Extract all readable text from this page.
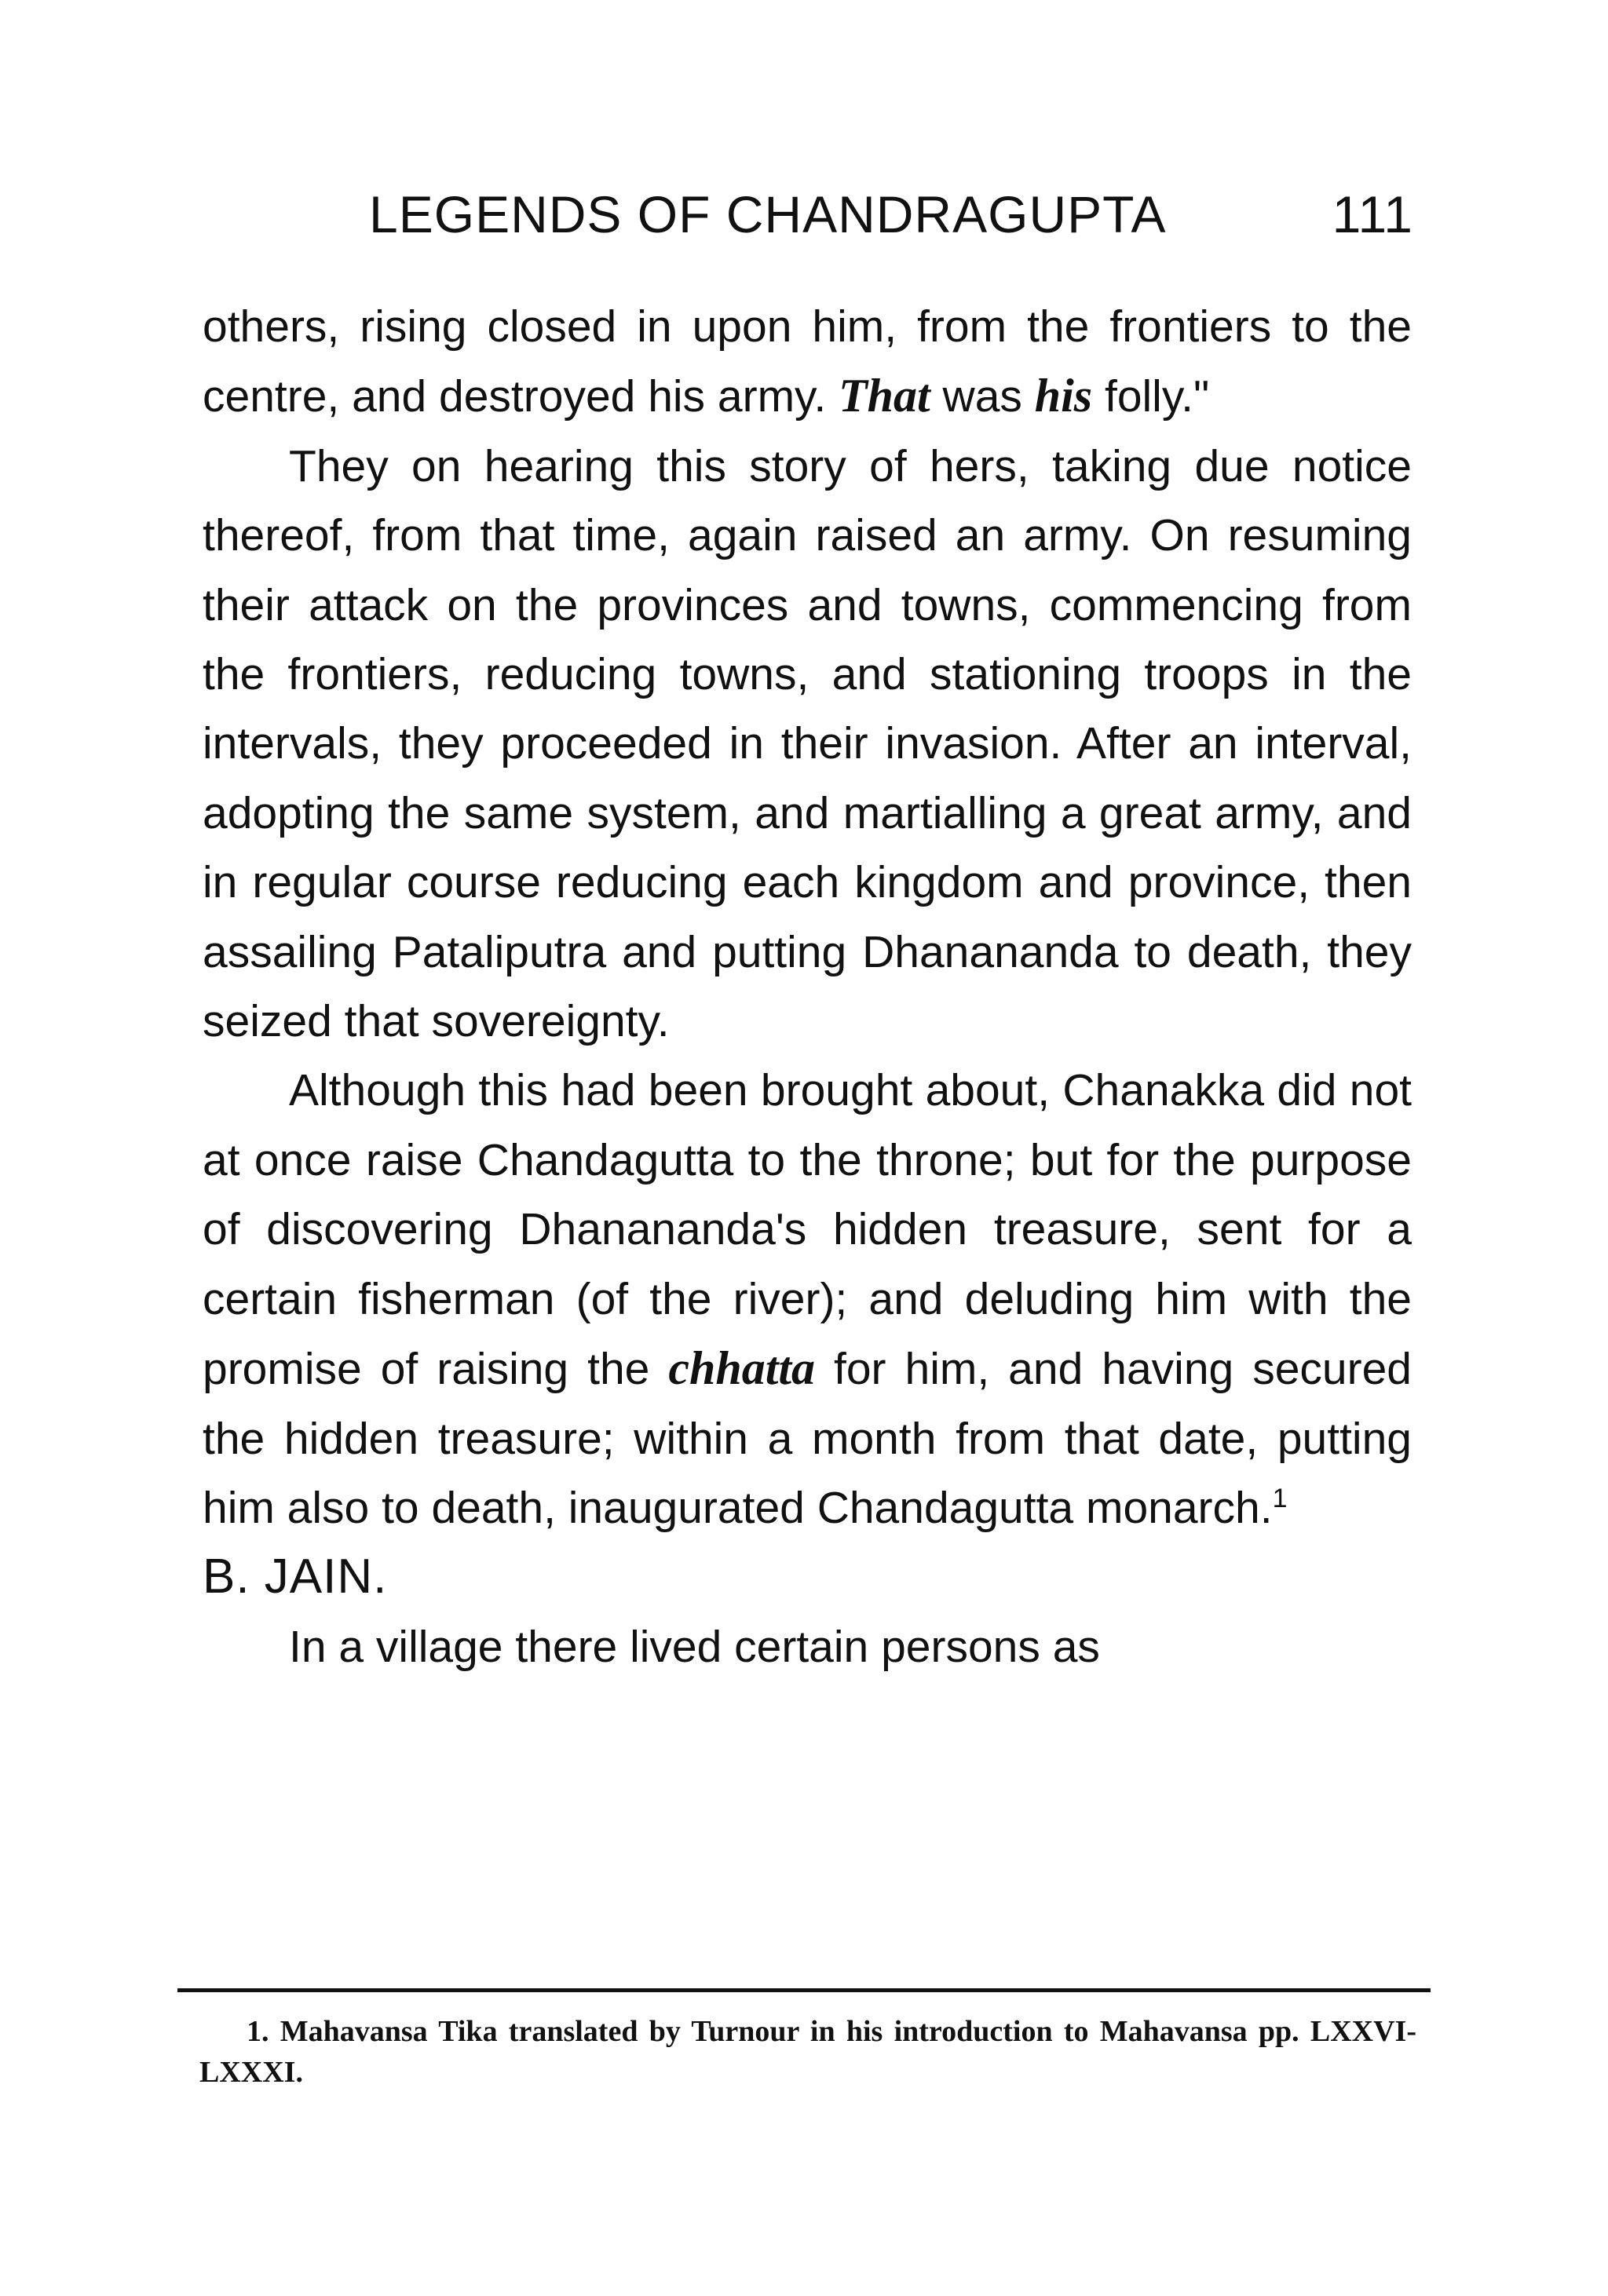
LEGENDS OF CHANDRAGUPTA	111

others, rising closed in upon him, from the frontiers to the centre, and destroyed his army. That was his folly."

They on hearing this story of hers, taking due notice thereof, from that time, again raised an army. On resuming their attack on the provinces and towns, commencing from the frontiers, reducing towns, and stationing troops in the intervals, they proceeded in their invasion. After an interval, adopting the same system, and martialling a great army, and in regular course reducing each kingdom and province, then assailing Pataliputra and putting Dhananandа to death, they seized that sovereignty.

Although this had been brought about, Chanakka did not at once raise Chandagutta to the throne; but for the purpose of discovering Dhanananda's hidden treasure, sent for a certain fisherman (of the river); and deluding him with the promise of raising the chhatta for him, and having secured the hidden treasure; within a month from that date, putting him also to death, inaugurated Chandagutta monarch.$^1$

B. JAIN.

In a village there lived certain persons as

1. Mahavansa Tika translated by Turnour in his introduction to Mahavansa pp. LXXVI-LXXXI.
